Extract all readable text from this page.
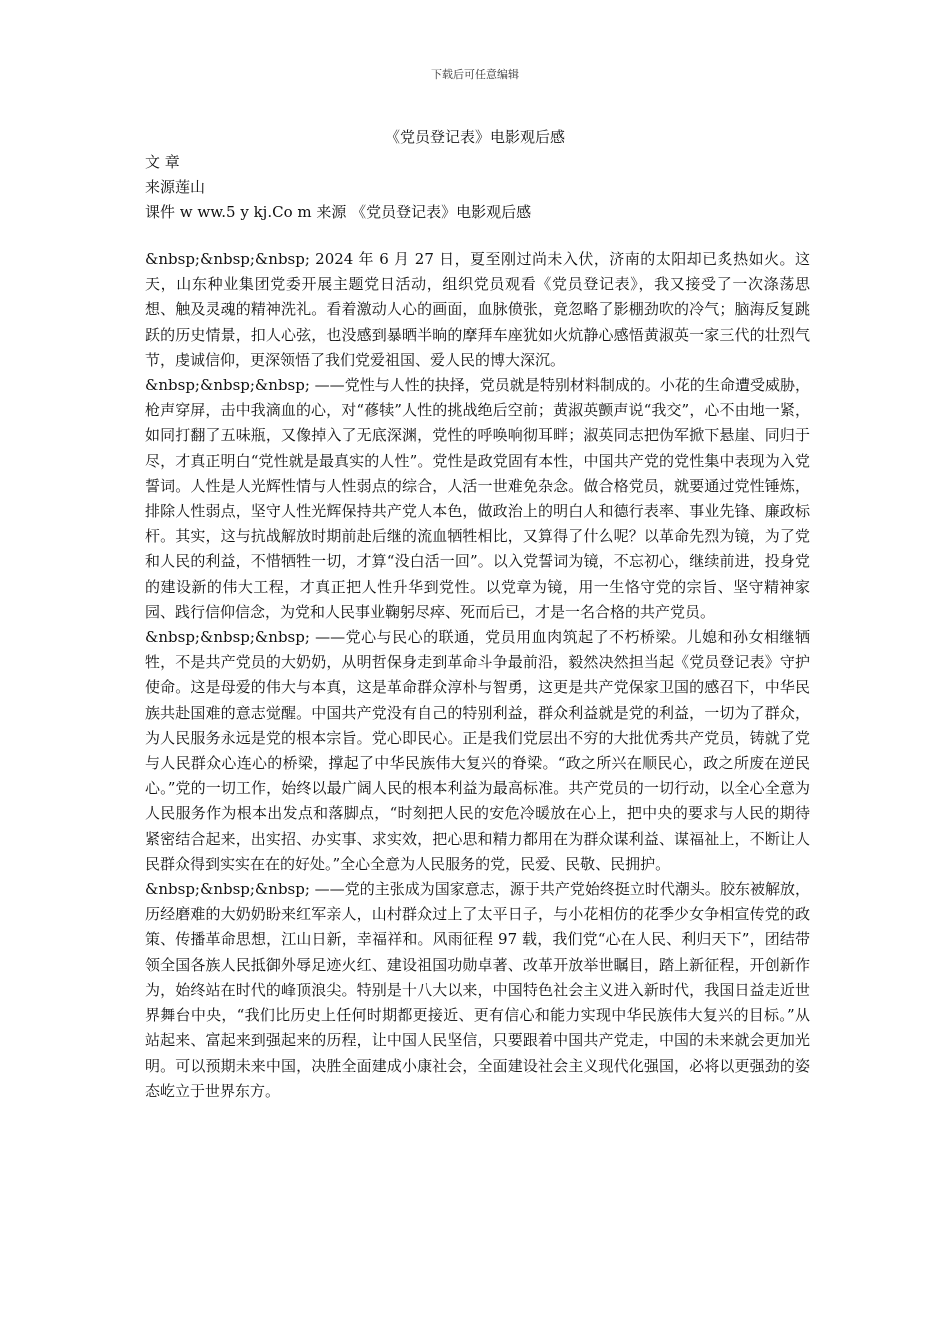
下载后可任意编辑
《党员登记表》电影观后感
文 章
来源莲山
课件 w ww.5 y kj.Co m 来源 《党员登记表》电影观后感

&nbsp;&nbsp;&nbsp; 2024 年 6 月 27 日，夏至刚过尚未入伏，济南的太阳却已炙热如火。这天，山东种业集团党委开展主题党日活动，组织党员观看《党员登记表》，我又接受了一次涤荡思想、触及灵魂的精神洗礼。看着激动人心的画面，血脉偾张，竟忽略了影棚劲吹的冷气；脑海反复跳跃的历史情景，扣人心弦，也没感到暴晒半晌的摩拜车座犹如火炕静心感悟黄淑英一家三代的壮烈气节，虔诚信仰，更深领悟了我们党爱祖国、爱人民的博大深沉。

&nbsp;&nbsp;&nbsp; ——党性与人性的抉择，党员就是特别材料制成的。小花的生命遭受威胁，枪声穿屏，击中我滴血的心，对“蓚犊”人性的挑战绝后空前；黄淑英颤声说“我交”，心不由地一紧，如同打翻了五味瓶，又像掉入了无底深渊，党性的呼唤响彻耳畔；淑英同志把伪军掀下悬崖、同归于尽，才真正明白“党性就是最真实的人性”。党性是政党固有本性，中国共产党的党性集中表现为入党誓词。人性是人光辉性情与人性弱点的综合，人活一世难免杂念。做合格党员，就要通过党性锤炼，排除人性弱点，坚守人性光辉保持共产党人本色，做政治上的明白人和德行表率、事业先锋、廉政标杆。其实，这与抗战解放时期前赴后继的流血牺牲相比，又算得了什么呢？以革命先烈为镜，为了党和人民的利益，不惜牺牲一切，才算“没白活一回”。以入党誓词为镜，不忘初心，继续前进，投身党的建设新的伟大工程，才真正把人性升华到党性。以党章为镜，用一生恪守党的宗旨、坚守精神家园、践行信仰信念，为党和人民事业鞠躬尽瘁、死而后已，才是一名合格的共产党员。

&nbsp;&nbsp;&nbsp; ——党心与民心的联通，党员用血肉筑起了不朽桥梁。儿媳和孙女相继牺牲，不是共产党员的大奶奶，从明哲保身走到革命斗争最前沿，毅然决然担当起《党员登记表》守护使命。这是母爱的伟大与本真，这是革命群众淳朴与智勇，这更是共产党保家卫国的感召下，中华民族共赴国难的意志觉醒。中国共产党没有自己的特别利益，群众利益就是党的利益，一切为了群众，为人民服务永远是党的根本宗旨。党心即民心。正是我们党层出不穷的大批优秀共产党员，铸就了党与人民群众心连心的桥梁，撑起了中华民族伟大复兴的脊梁。“政之所兴在顺民心，政之所废在逆民心。”党的一切工作，始终以最广阔人民的根本利益为最高标准。共产党员的一切行动，以全心全意为人民服务作为根本出发点和落脚点，“时刻把人民的安危冷暖放在心上，把中央的要求与人民的期待紧密结合起来，出实招、办实事、求实效，把心思和精力都用在为群众谋利益、谋福祉上，不断让人民群众得到实实在在的好处。”全心全意为人民服务的党，民爱、民敬、民拥护。

&nbsp;&nbsp;&nbsp; ——党的主张成为国家意志，源于共产党始终挺立时代潮头。胶东被解放，历经磨难的大奶奶盼来红军亲人，山村群众过上了太平日子，与小花相仿的花季少女争相宣传党的政策、传播革命思想，江山日新，幸福祥和。风雨征程 97 载，我们党“心在人民、利归天下”，团结带领全国各族人民抵御外辱足迹火红、建设祖国功勋卓著、改革开放举世瞩目，踏上新征程，开创新作为，始终站在时代的峰顶浪尖。特别是十八大以来，中国特色社会主义进入新时代，我国日益走近世界舞台中央，“我们比历史上任何时期都更接近、更有信心和能力实现中华民族伟大复兴的目标。”从站起来、富起来到强起来的历程，让中国人民坚信，只要跟着中国共产党走，中国的未来就会更加光明。可以预期未来中国，决胜全面建成小康社会，全面建设社会主义现代化强国，必将以更强劲的姿态屹立于世界东方。
